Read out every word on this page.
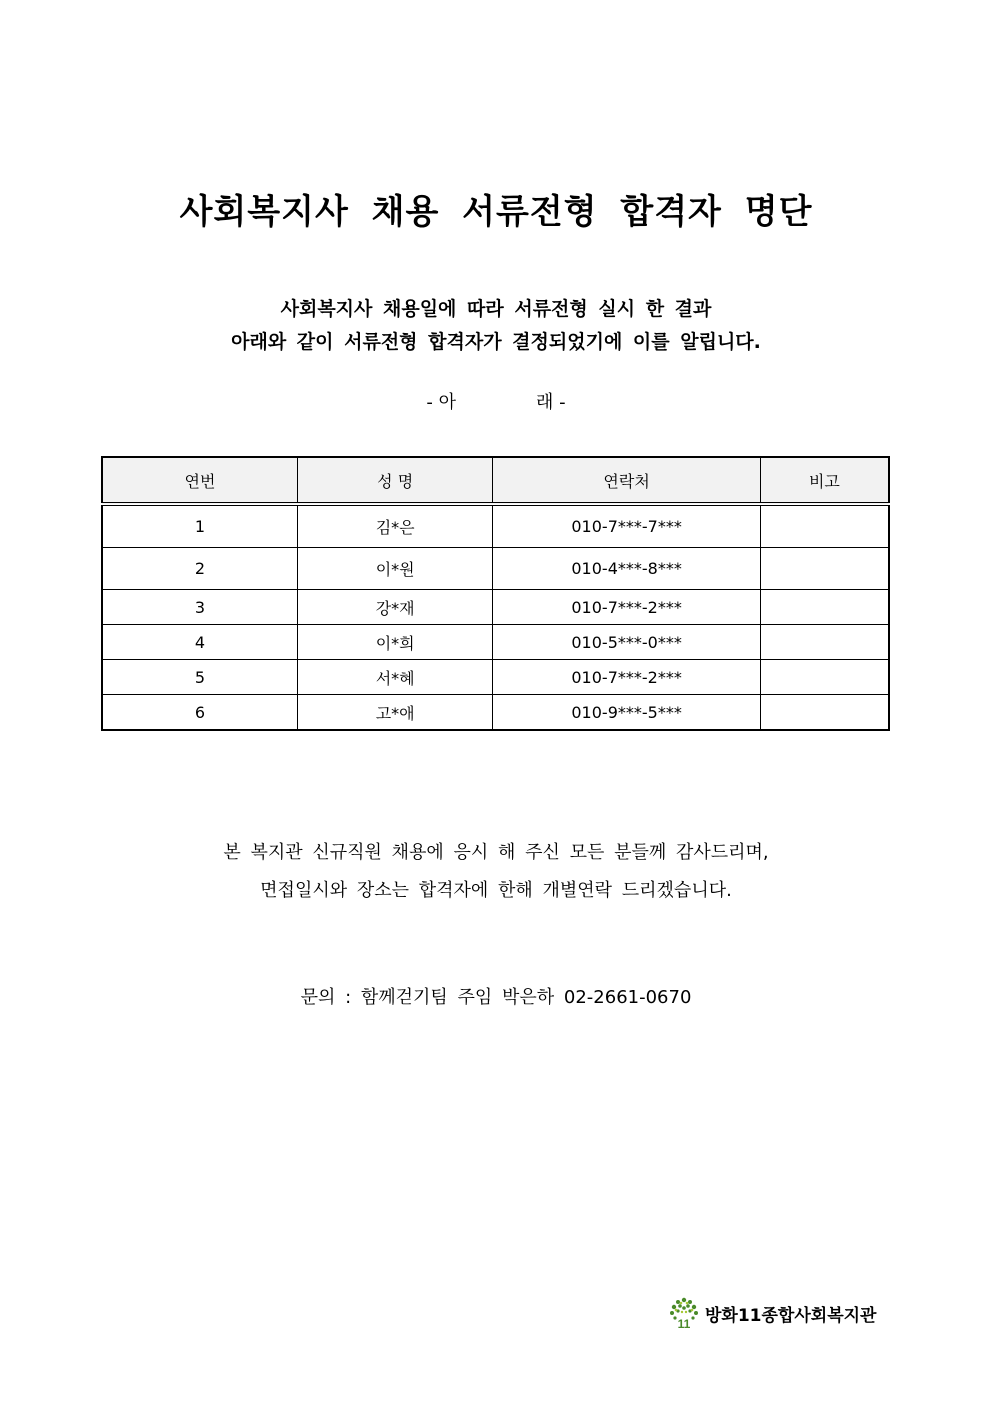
사회복지사 채용 서류전형 합격자 명단
사회복지사 채용일에 따라 서류전형 실시 한 결과
아래와 같이 서류전형 합격자가 결정되었기에 이를 알립니다.
- 아	래 -
연번	성 명	연락처	비고
1	김*은	010-7***-7***	
2	이*원	010-4***-8***	
3	강*재	010-7***-2***	
4	이*희	010-5***-0***	
5	서*혜	010-7***-2***	
6	고*애	010-9***-5***	
본 복지관 신규직원 채용에 응시 해 주신 모든 분들께 감사드리며,
면접일시와 장소는 합격자에 한해 개별연락 드리겠습니다.
문의 : 함께걷기팀 주임 박은하 02-2661-0670
11 방화11종합사회복지관
